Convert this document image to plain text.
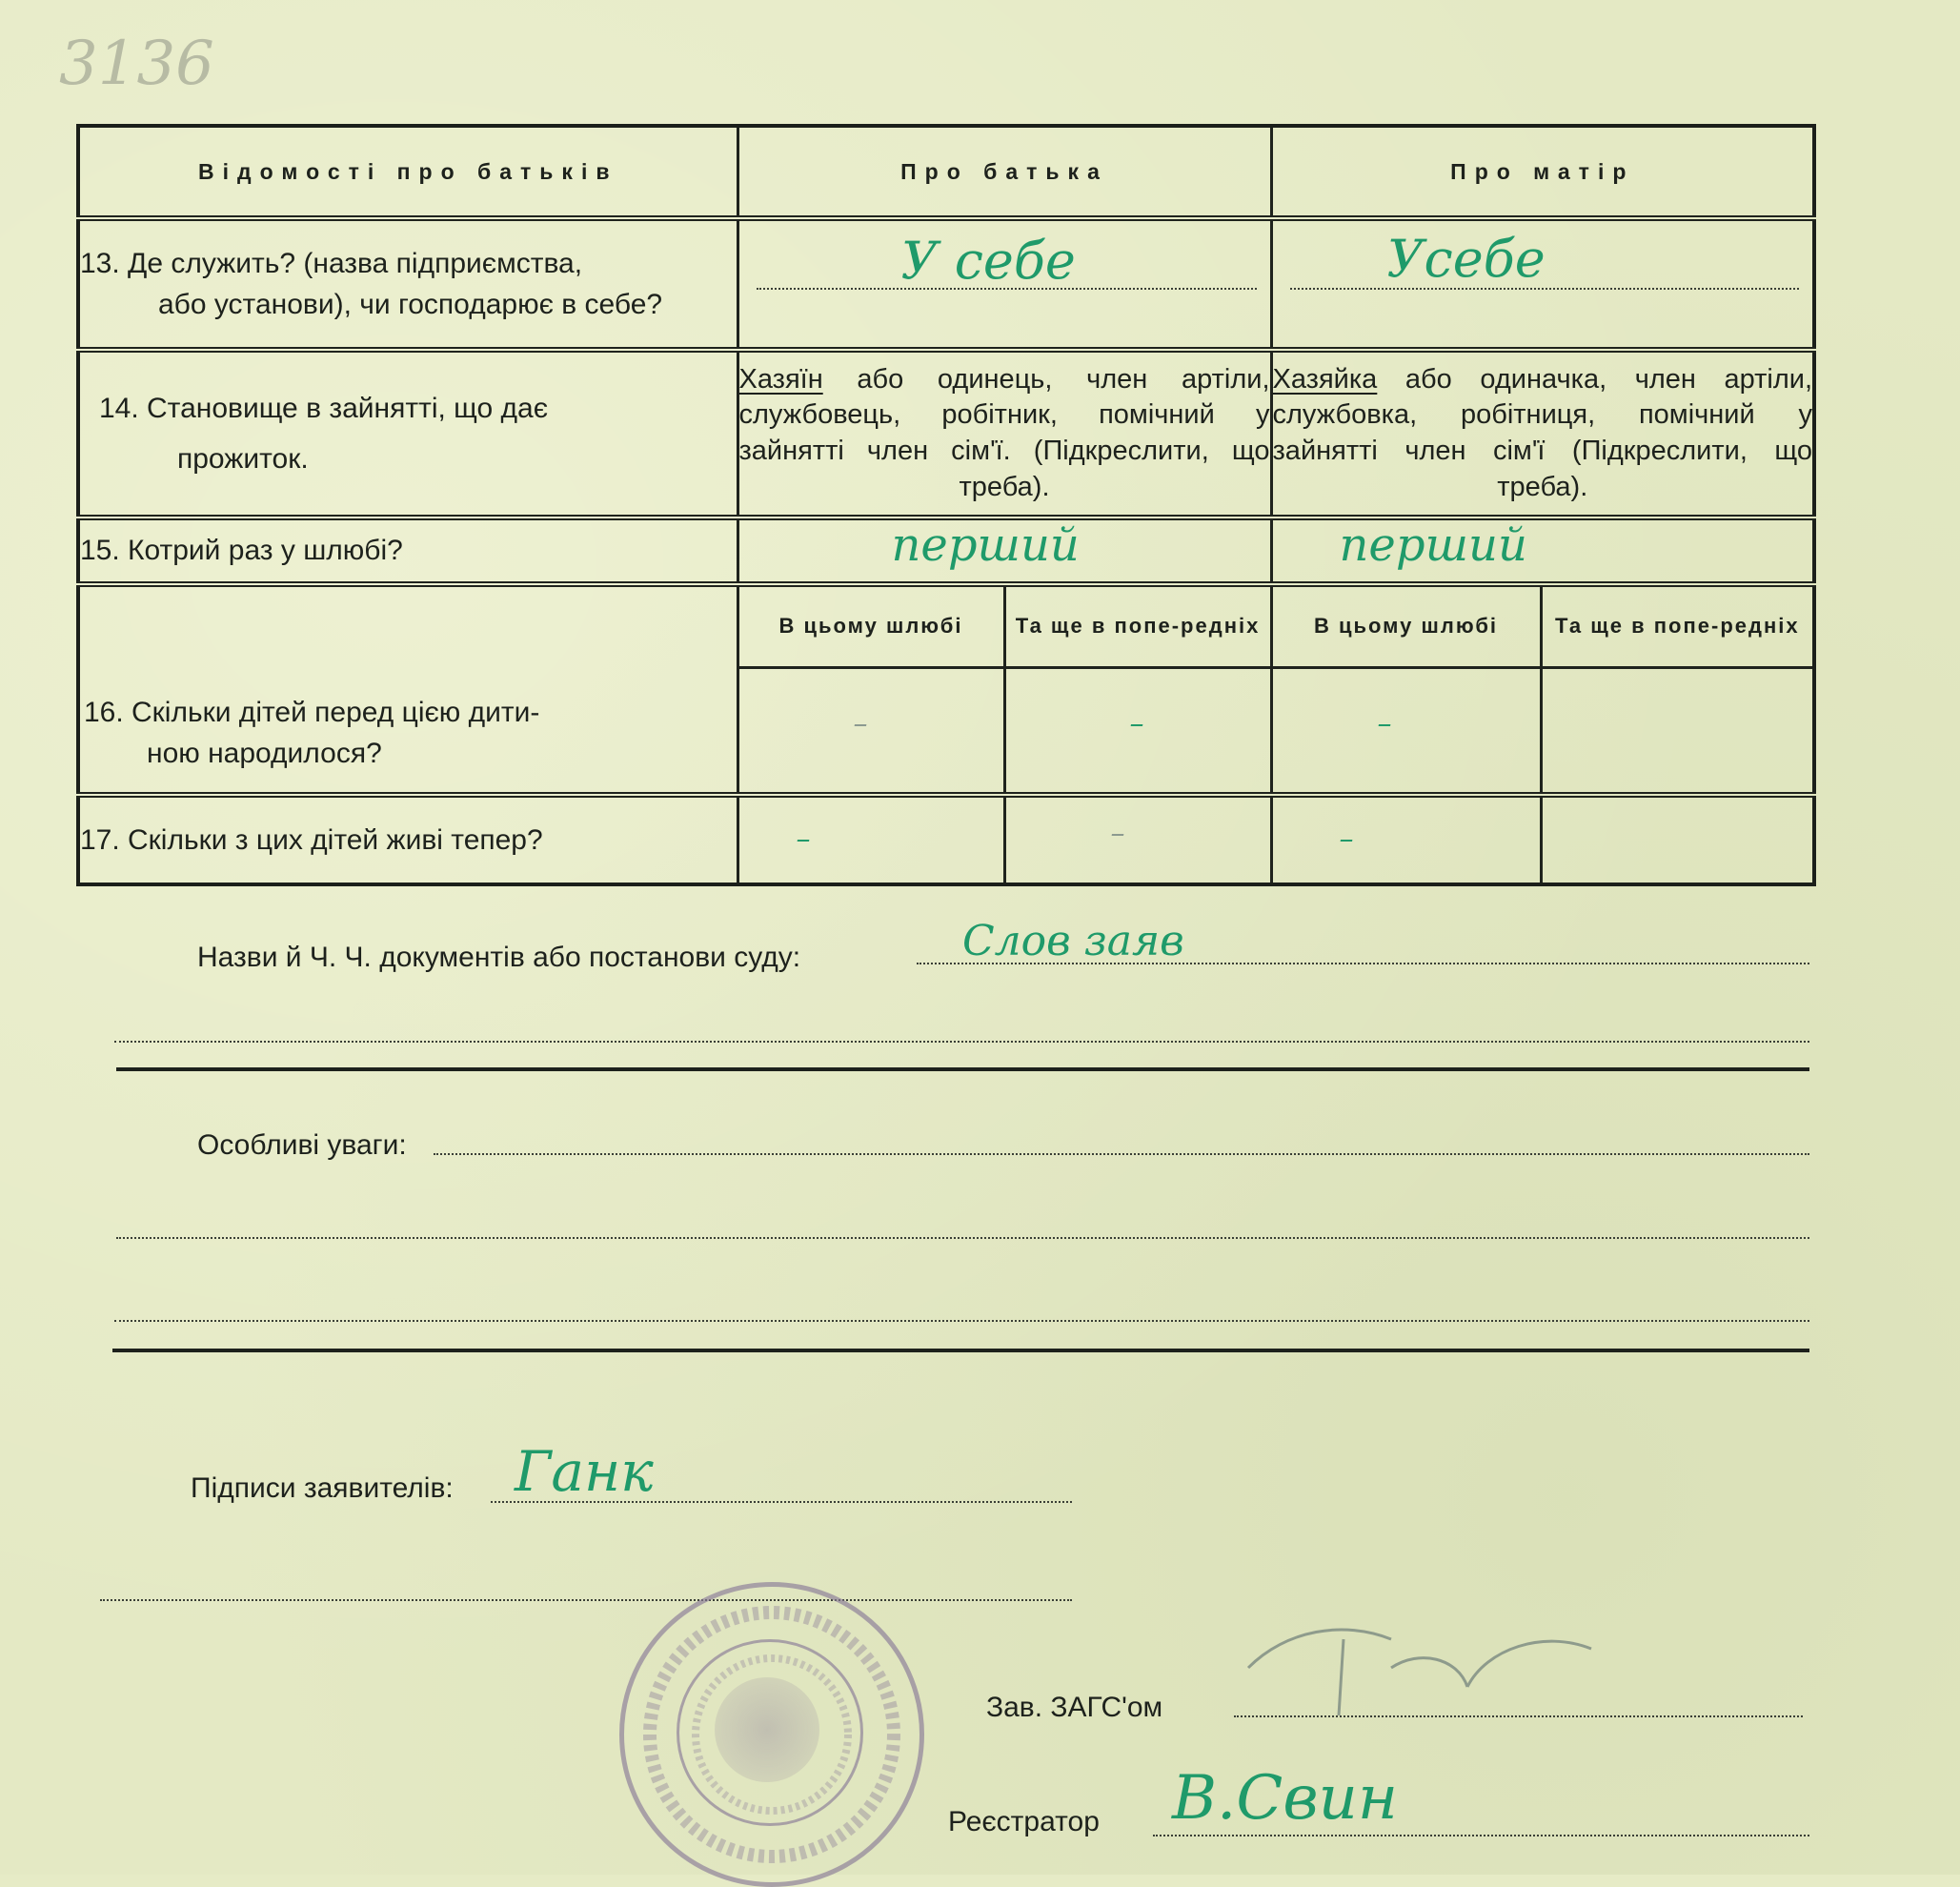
3136
Відомості про батьків	Про батька		Про матір	
13. Де служить? (назва підприємства,
або установи), чи господарює в себе?	У себе		Усебе	

14. Становище в зайнятті, що дає
прожиток.	Хазяїн або одинець, член артіли, службовець, робітник, помічний у зайнятті член сім'ї. (Підкреслити, що треба).		Хазяйка або одиначка, член артіли, службовка, робітниця, помічний у зайнятті член сім'ї (Підкреслити, що треба).	
15. Котрий раз у шлюбі?	перший		перший	

16. Скільки дітей перед цією дити-
ною народилося?	В цьому шлюбі	Та ще в попе-редніх	В цьому шлюбі	Та ще в попе-редніх

	–	–	–	

17. Скільки з цих дітей живі тепер?	–	–	–	

Назви й Ч. Ч. документів або постанови суду:	Слов заяв
Особливі уваги:
Підписи заявителів: Ганк
Зав. ЗАГС'ом
Реєстратор В.Свин
